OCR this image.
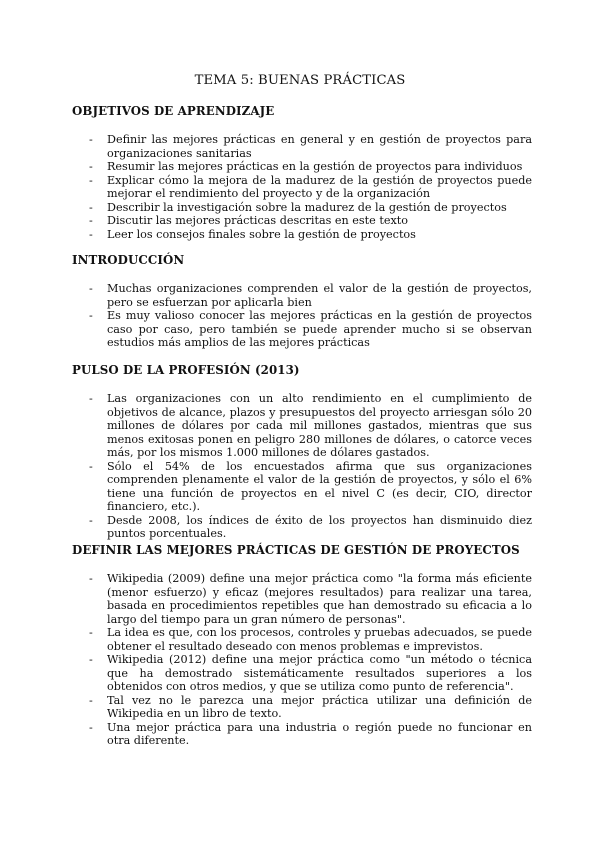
TEMA 5: BUENAS PRÁCTICAS
OBJETIVOS DE APRENDIZAJE
- Definir las mejores prácticas en general y en gestión de proyectos para organizaciones sanitarias
- Resumir las mejores prácticas en la gestión de proyectos para individuos
- Explicar cómo la mejora de la madurez de la gestión de proyectos puede mejorar el rendimiento del proyecto y de la organización
- Describir la investigación sobre la madurez de la gestión de proyectos
- Discutir las mejores prácticas descritas en este texto
- Leer los consejos finales sobre la gestión de proyectos
INTRODUCCIÓN
- Muchas organizaciones comprenden el valor de la gestión de proyectos, pero se esfuerzan por aplicarla bien
- Es muy valioso conocer las mejores prácticas en la gestión de proyectos caso por caso, pero también se puede aprender mucho si se observan estudios más amplios de las mejores prácticas
PULSO DE LA PROFESIÓN (2013)
- Las organizaciones con un alto rendimiento en el cumplimiento de objetivos de alcance, plazos y presupuestos del proyecto arriesgan sólo 20 millones de dólares por cada mil millones gastados, mientras que sus menos exitosas ponen en peligro 280 millones de dólares, o catorce veces más, por los mismos 1.000 millones de dólares gastados.
- Sólo el 54% de los encuestados afirma que sus organizaciones comprenden plenamente el valor de la gestión de proyectos, y sólo el 6% tiene una función de proyectos en el nivel C (es decir, CIO, director financiero, etc.).
- Desde 2008, los índices de éxito de los proyectos han disminuido diez puntos porcentuales.
DEFINIR LAS MEJORES PRÁCTICAS DE GESTIÓN DE PROYECTOS
- Wikipedia (2009) define una mejor práctica como "la forma más eficiente (menor esfuerzo) y eficaz (mejores resultados) para realizar una tarea, basada en procedimientos repetibles que han demostrado su eficacia a lo largo del tiempo para un gran número de personas".
- La idea es que, con los procesos, controles y pruebas adecuados, se puede obtener el resultado deseado con menos problemas e imprevistos.
- Wikipedia (2012) define una mejor práctica como "un método o técnica que ha demostrado sistemáticamente resultados superiores a los obtenidos con otros medios, y que se utiliza como punto de referencia".
- Tal vez no le parezca una mejor práctica utilizar una definición de Wikipedia en un libro de texto.
- Una mejor práctica para una industria o región puede no funcionar en otra diferente.
